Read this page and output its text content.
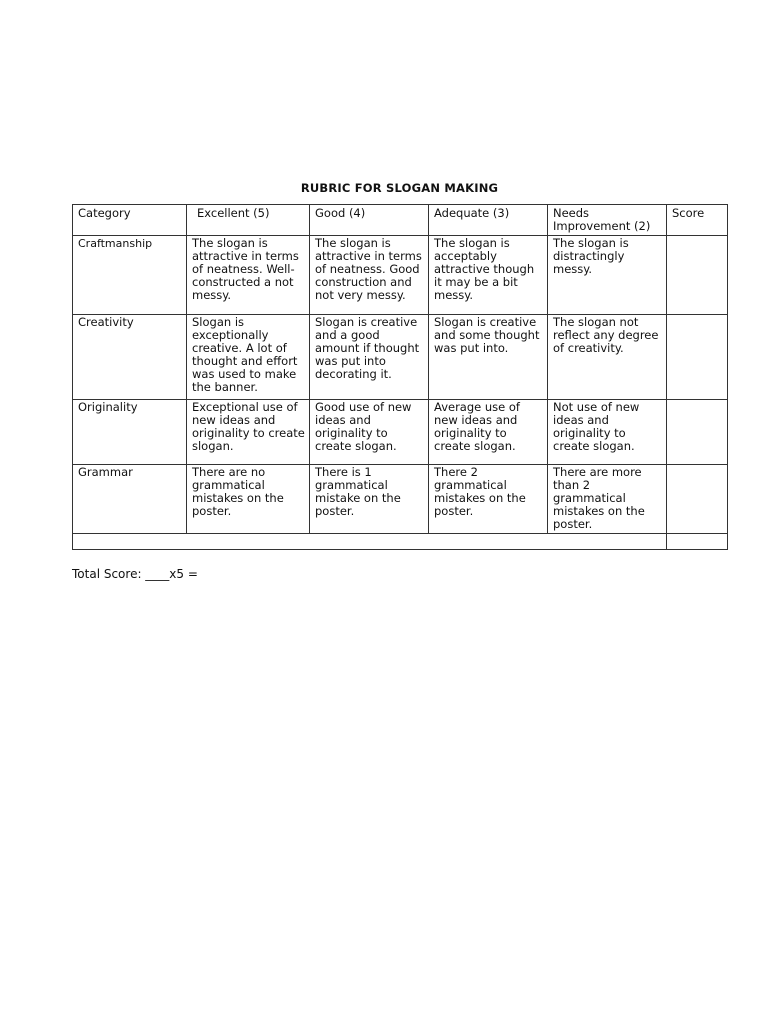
RUBRIC FOR SLOGAN MAKING
Category	Excellent (5)	Good (4)	Adequate (3)	Needs Improvement (2)	Score
Craftmanship	The slogan is attractive in terms of neatness. Well-constructed a not messy.	The slogan is attractive in terms of neatness. Good construction and not very messy.	The slogan is acceptably attractive though it may be a bit messy.	The slogan is distractingly messy.	
Creativity	Slogan is exceptionally creative. A lot of thought and effort was used to make the banner.	Slogan is creative and a good amount if thought was put into decorating it.	Slogan is creative and some thought was put into.	The slogan not reflect any degree of creativity.	
Originality	Exceptional use of new ideas and originality to create slogan.	Good use of new ideas and originality to create slogan.	Average use of new ideas and originality to create slogan.	Not use of new ideas and originality to create slogan.	
Grammar	There are no grammatical mistakes on the poster.	There is 1 grammatical mistake on the poster.	There 2 grammatical mistakes on the poster.	There are more than 2 grammatical mistakes on the poster.	

Total Score: ____x5 =
